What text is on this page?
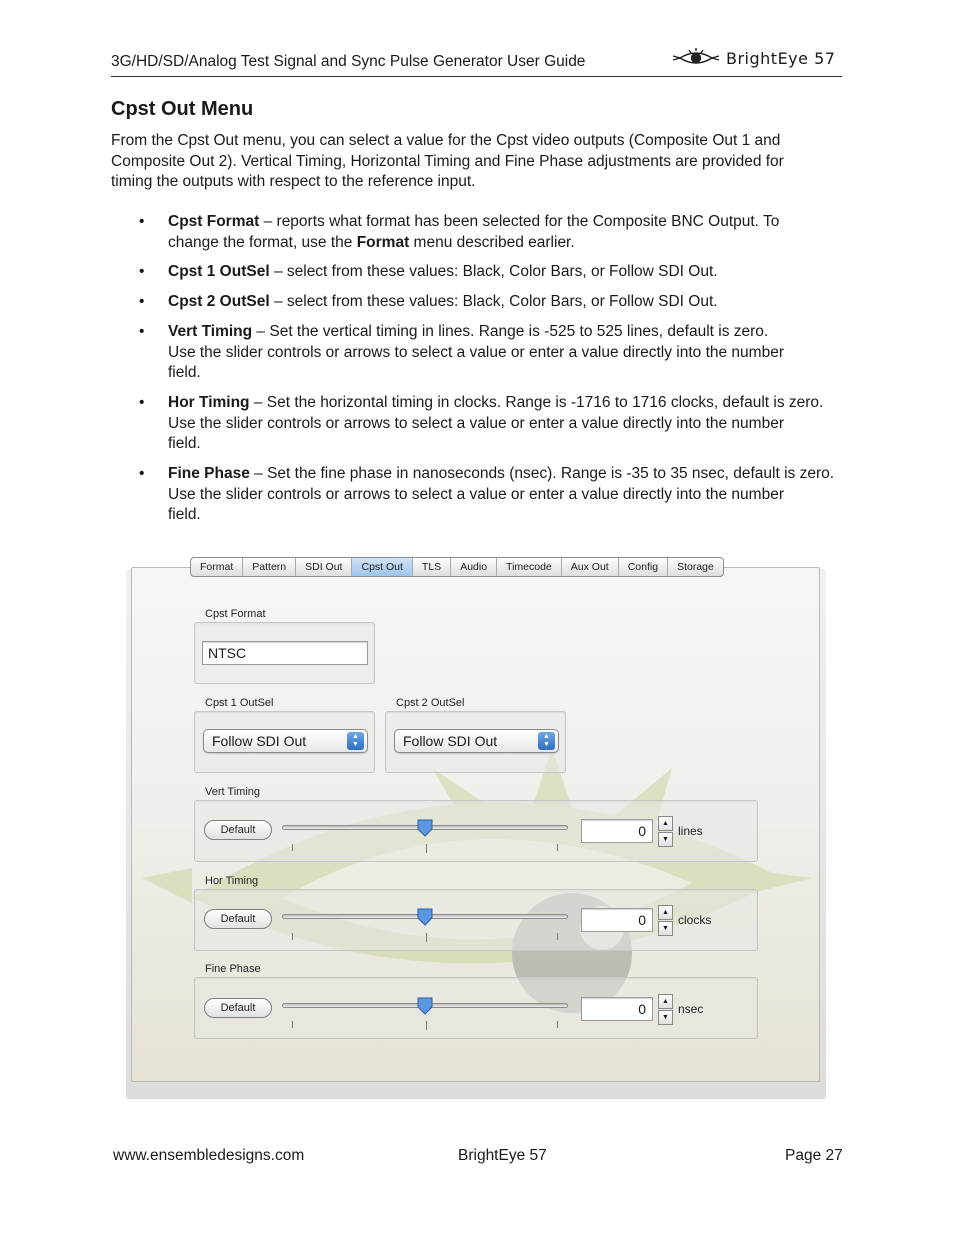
3G/HD/SD/Analog Test Signal and Sync Pulse Generator User Guide	BrightEye 57
Cpst Out Menu
From the Cpst Out menu, you can select a value for the Cpst video outputs (Composite Out 1 and
Composite Out 2). Vertical Timing, Horizontal Timing and Fine Phase adjustments are provided for
timing the outputs with respect to the reference input.
• Cpst Format – reports what format has been selected for the Composite BNC Output. To
change the format, use the Format menu described earlier.
• Cpst 1 OutSel – select from these values: Black, Color Bars, or Follow SDI Out.
• Cpst 2 OutSel – select from these values: Black, Color Bars, or Follow SDI Out.
• Vert Timing – Set the vertical timing in lines. Range is -525 to 525 lines, default is zero.
Use the slider controls or arrows to select a value or enter a value directly into the number
field.
• Hor Timing – Set the horizontal timing in clocks. Range is -1716 to 1716 clocks, default is zero.
Use the slider controls or arrows to select a value or enter a value directly into the number
field.
• Fine Phase – Set the fine phase in nanoseconds (nsec). Range is -35 to 35 nsec, default is zero.
Use the slider controls or arrows to select a value or enter a value directly into the number
field.
Format	Pattern	SDI Out	Cpst Out	TLS	Audio	Timecode	Aux Out	Config	Storage
Cpst Format
NTSC
Cpst 1 OutSel
Follow SDI Out	▲
▼
Cpst 2 OutSel
Follow SDI Out	▲
▼
Vert Timing
Default	0	▲
▼
lines
Hor Timing
Default	0	▲
▼
clocks
Fine Phase
Default	0	▲
▼
nsec
www.ensembledesigns.com	BrightEye 57	Page 27
